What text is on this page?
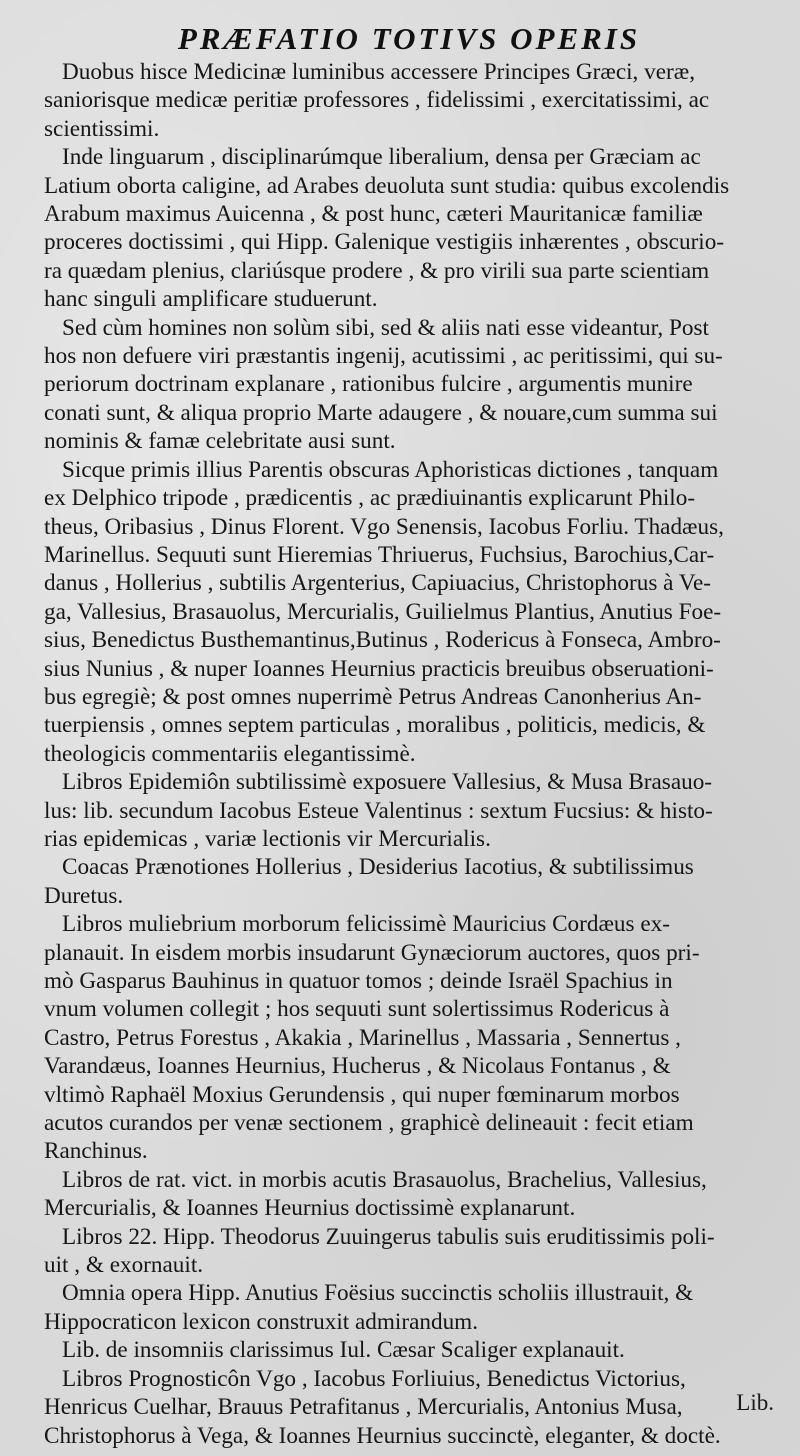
PRÆFATIO TOTIVS OPERIS

Duobus hisce Medicinæ luminibus accessere Principes Græci, veræ,
saniorisque medicæ peritiæ professores , fidelissimi , exercitatissimi, ac
scientissimi.

Inde linguarum , disciplinarúmque liberalium, densa per Græciam ac
Latium oborta caligine, ad Arabes deuoluta sunt studia: quibus excolendis
Arabum maximus Auicenna , & post hunc, cæteri Mauritanicæ familiæ
proceres doctissimi , qui Hipp. Galenique vestigiis inhærentes , obscurio-
ra quædam plenius, clariúsque prodere , & pro virili sua parte scientiam
hanc singuli amplificare studuerunt.

Sed cùm homines non solùm sibi, sed & aliis nati esse videantur, Post
hos non defuere viri præstantis ingenij, acutissimi , ac peritissimi, qui su-
periorum doctrinam explanare , rationibus fulcire , argumentis munire
conati sunt, & aliqua proprio Marte adaugere , & nouare,cum summa sui
nominis & famæ celebritate ausi sunt.

Sicque primis illius Parentis obscuras Aphoristicas dictiones , tanquam
ex Delphico tripode , prædicentis , ac prædiuinantis explicarunt Philo-
theus, Oribasius , Dinus Florent. Vgo Senensis, Iacobus Forliu. Thadæus,
Marinellus. Sequuti sunt Hieremias Thriuerus, Fuchsius, Barochius,Car-
danus , Hollerius , subtilis Argenterius, Capiuacius, Christophorus à Ve-
ga, Vallesius, Brasauolus, Mercurialis, Guilielmus Plantius, Anutius Foe-
sius, Benedictus Busthemantinus,Butinus , Rodericus à Fonseca, Ambro-
sius Nunius , & nuper Ioannes Heurnius practicis breuibus obseruationi-
bus egregiè; & post omnes nuperrimè Petrus Andreas Canonherius An-
tuerpiensis , omnes septem particulas , moralibus , politicis, medicis, &
theologicis commentariis elegantissimè.

Libros Epidemiôn subtilissimè exposuere Vallesius, & Musa Brasauo-
lus: lib. secundum Iacobus Esteue Valentinus : sextum Fucsius: & histo-
rias epidemicas , variæ lectionis vir Mercurialis.

Coacas Prænotiones Hollerius , Desiderius Iacotius, & subtilissimus
Duretus.

Libros muliebrium morborum felicissimè Mauricius Cordæus ex-
planauit. In eisdem morbis insudarunt Gynæciorum auctores, quos pri-
mò Gasparus Bauhinus in quatuor tomos ; deinde Israël Spachius in
vnum volumen collegit ; hos sequuti sunt solertissimus Rodericus à
Castro, Petrus Forestus , Akakia , Marinellus , Massaria , Sennertus ,
Varandæus, Ioannes Heurnius, Hucherus , & Nicolaus Fontanus , &
vltimò Raphaël Moxius Gerundensis , qui nuper fœminarum morbos
acutos curandos per venæ sectionem , graphicè delineauit : fecit etiam
Ranchinus.

Libros de rat. vict. in morbis acutis Brasauolus, Brachelius, Vallesius,
Mercurialis, & Ioannes Heurnius doctissimè explanarunt.

Libros 22. Hipp. Theodorus Zuuingerus tabulis suis eruditissimis poli-
uit , & exornauit.

Omnia opera Hipp. Anutius Foësius succinctis scholiis illustrauit, &
Hippocraticon lexicon construxit admirandum.

Lib. de insomniis clarissimus Iul. Cæsar Scaliger explanauit.

Libros Prognosticôn Vgo , Iacobus Forliuius, Benedictus Victorius,
Henricus Cuelhar, Brauus Petrafitanus , Mercurialis, Antonius Musa,
Christophorus à Vega, & Ioannes Heurnius succinctè, eleganter, & doctè.

Lib.
